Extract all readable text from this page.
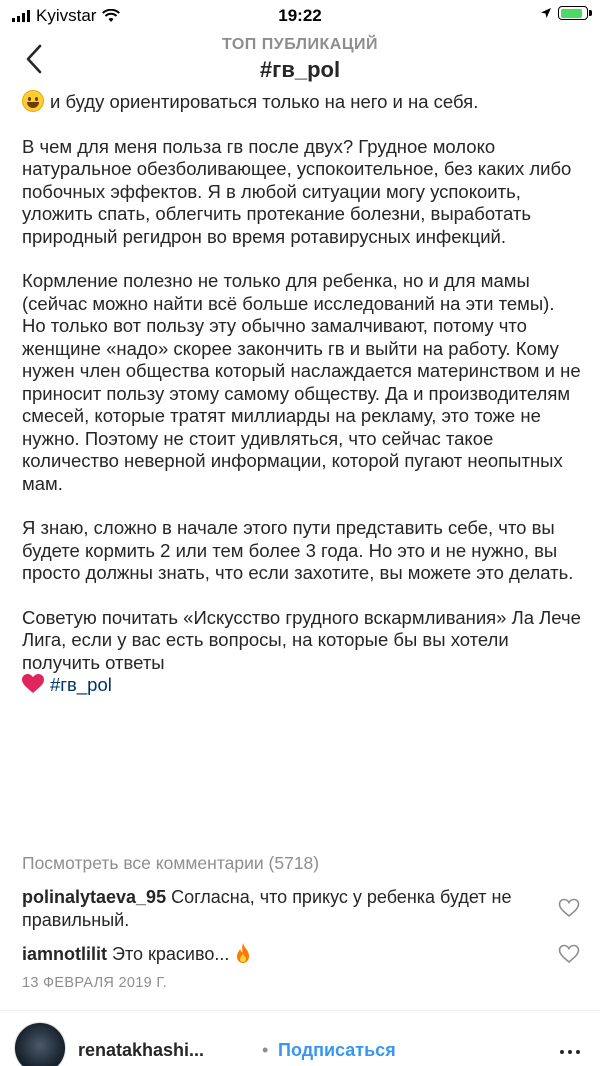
Kyivstar	19:22
ТОП ПУБЛИКАЦИЙ
#гв_pol

и буду ориентироваться только на него и на себя.

В чем для меня польза гв после двух? Грудное молоко натуральное обезболивающее, успокоительное, без каких либо побочных эффектов. Я в любой ситуации могу успокоить, уложить спать, облегчить протекание болезни, выработать природный регидрон во время ротавирусных инфекций.

Кормление полезно не только для ребенка, но и для мамы (сейчас можно найти всё больше исследований на эти темы). Но только вот пользу эту обычно замалчивают, потому что женщине «надо» скорее закончить гв и выйти на работу. Кому нужен член общества который наслаждается материнством и не приносит пользу этому самому обществу. Да и производителям смесей, которые тратят миллиарды на рекламу, это тоже не нужно. Поэтому не стоит удивляться, что сейчас такое количество неверной информации, которой пугают неопытных мам.

Я знаю, сложно в начале этого пути представить себе, что вы будете кормить 2 или тем более 3 года. Но это и не нужно, вы просто должны знать, что если захотите, вы можете это делать.

Советую почитать «Искусство грудного вскармливания» Ла Лече Лига, если у вас есть вопросы, на которые бы вы хотели получить ответы
#гв_pol

Посмотреть все комментарии (5718)
polinalytaeva_95 Согласна, что прикус у ребенка будет не правильный.
iamnotlilit Это красиво...
13 ФЕВРАЛЯ 2019 Г.
renatakhashi...	• Подписаться
